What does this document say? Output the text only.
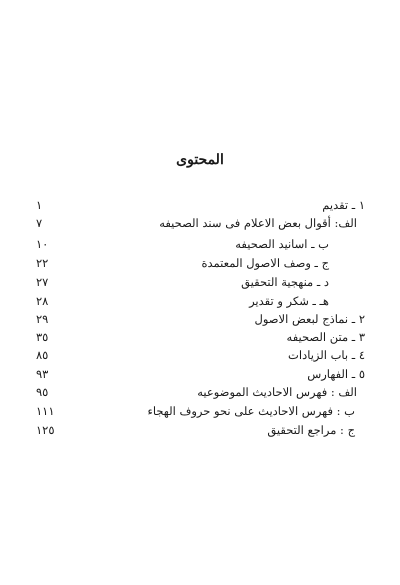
المحتوى
١ ـ تقديم
١
الف: أقوال بعض الاعلام فى سند الصحيفه
٧
ب ـ اسانيد الصحيفه
١٠
ج ـ وصف الاصول المعتمدة
٢٢
د ـ منهجية التحقيق
٢٧
هـ ـ شكر و تقدير
٢٨
٢ ـ نماذج لبعض الاصول
٢٩
٣ ـ متن الصحيفه
٣٥
٤ ـ باب الزيادات
٨٥
٥ ـ الفهارس
٩٣
الف : فهرس الاحاديث الموضوعيه
٩٥
ب : فهرس الاحاديث على نحو حروف الهجاء
١١١
ج : مراجع التحقيق
١٢٥
